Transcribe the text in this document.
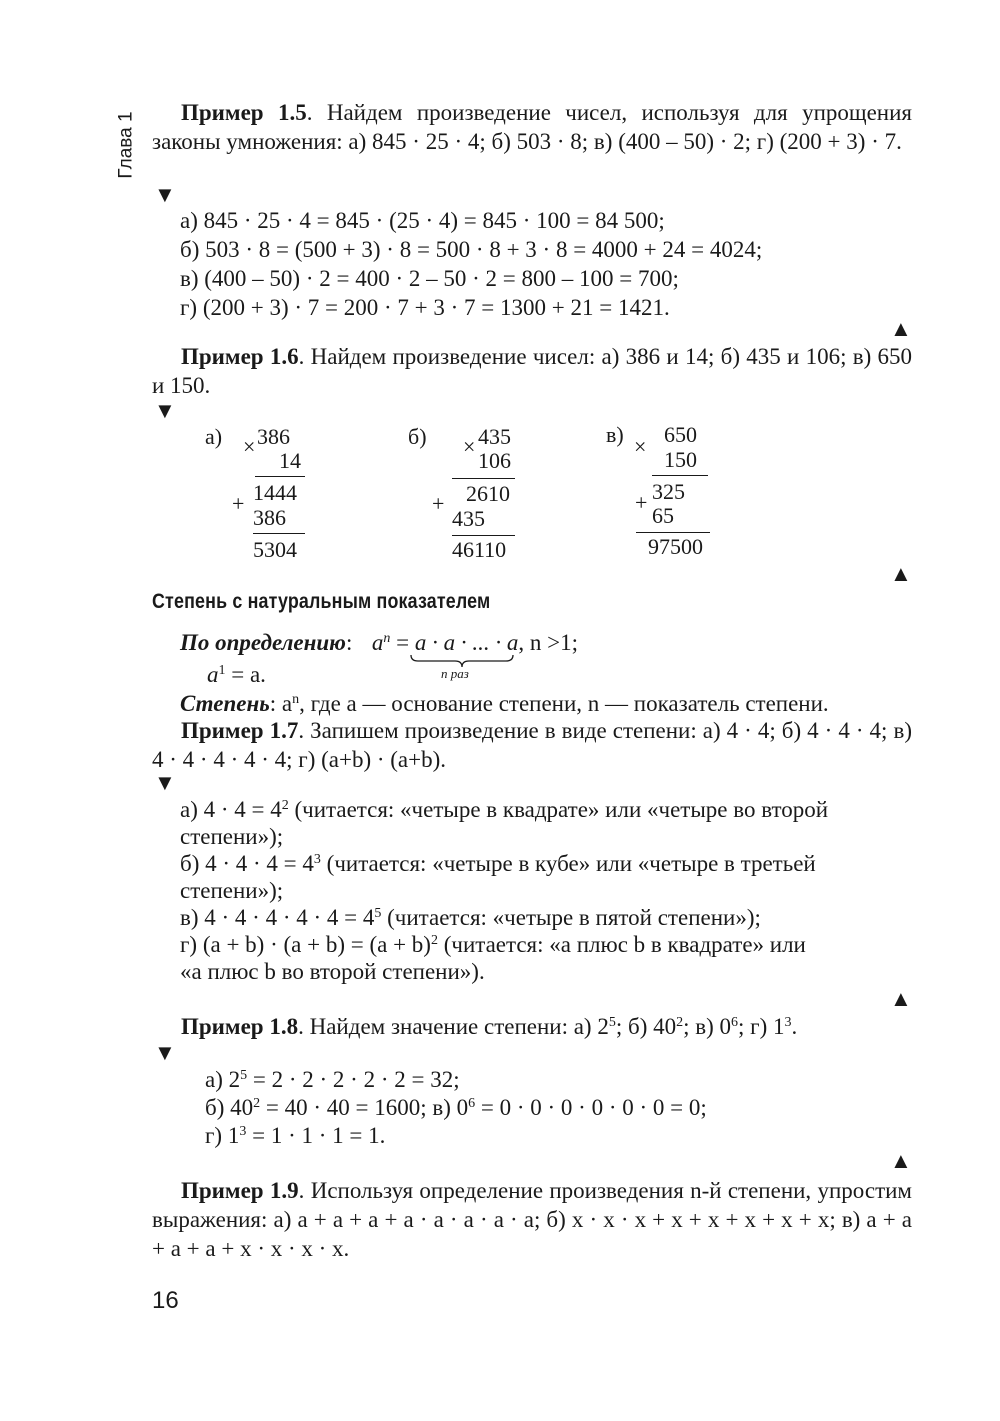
Глава 1	Пример 1.5. Найдем произведение чисел, используя для упрощения законы умножения: а) 845 · 25 · 4; б) 503 · 8; в) (400 – 50) · 2; г) (200 + 3) · 7.

▼
а) 845 · 25 · 4 = 845 · (25 · 4) = 845 · 100 = 84 500;
б) 503 · 8 = (500 + 3) · 8 = 500 · 8 + 3 · 8 = 4000 + 24 = 4024;
в) (400 – 50) · 2 = 400 · 2 – 50 · 2 = 800 – 100 = 700;
г) (200 + 3) · 7 = 200 · 7 + 3 · 7 = 1300 + 21 = 1421.
▲

Пример 1.6. Найдем произведение чисел: а) 386 и 14; б) 435 и 106; в) 650 и 150.

▼
а) × 386
14
+ 1444
386
5304
б) × 435
106
+ 2610
435
46110
в) × 650
150
+ 325
65
97500
▲
Степень с натуральным показателем
По определению: $a^n = a \cdot a$ · ... · a, n >1;
n раз
$a^1 = a$.
Степень: $a^n$, где a — основание степени, n — показатель степени.

Пример 1.7. Запишем произведение в виде степени: а) 4 · 4; б) 4 · 4 · 4; в) 4 · 4 · 4 · 4 · 4; г) (a+b) · (a+b).

▼
а) $4 \cdot 4 = 4^2$ (читается: «четыре в квадрате» или «четыре во второй
степени»);
б) $4 \cdot 4 \cdot 4 = 4^3$ (читается: «четыре в кубе» или «четыре в третьей
степени»);
в) $4 \cdot 4 \cdot 4 \cdot 4 \cdot 4 = 4^5$ (читается: «четыре в пятой степени»);
г) $(a + b) \cdot (a + b) = (a + b)^2$ (читается: «a плюс b в квадрате» или
«a плюс b во второй степени»).
▲

Пример 1.8. Найдем значение степени: а) $2^5$; б) $40^2$; в) $0^6$; г) $1^3$.

▼
а) $2^5 = 2 \cdot 2 \cdot 2 \cdot 2 \cdot 2 = 32$;
б) $40^2 = 40 \cdot 40 = 1600$; в) $0^6 = 0 \cdot 0 \cdot 0 \cdot 0 \cdot 0 \cdot 0 = 0$;
г) $1^3 = 1 \cdot 1 \cdot 1 = 1$.
▲

Пример 1.9. Используя определение произведения n-й степени, упростим выражения: а) a + a + a + a · a · a · a · a; б) x · x · x + x + x + x + x + x; в) a + a + a + a + x · x · x · x.

16
